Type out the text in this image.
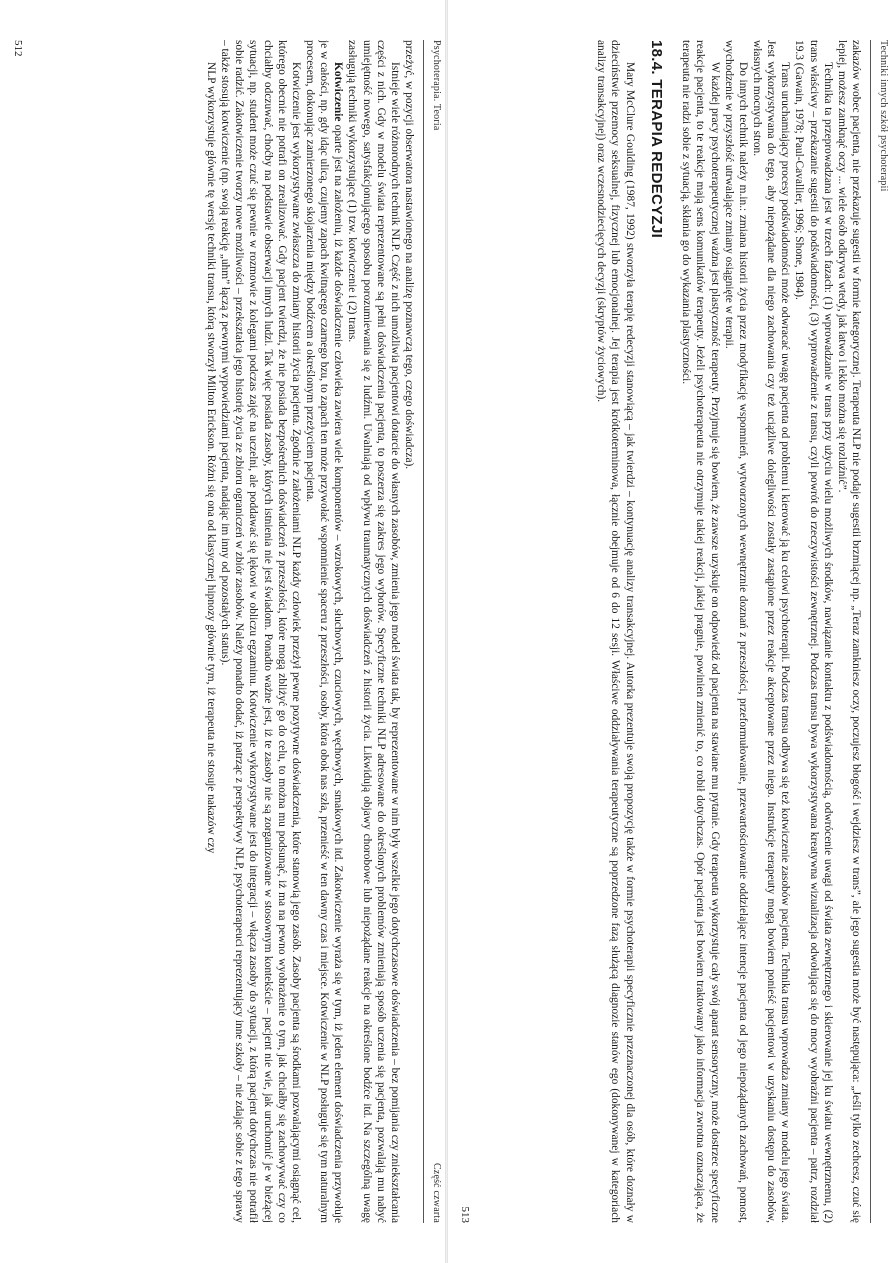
Psychoterapia. Teoria
Część czwarta

przeżyć, w pozycji obserwatora nastawionego na analizę poznawczą tego, czego doświadcza).

Istnieje wiele różnorodnych technik NLP. Część z nich umożliwia pacjentowi dotarcie do własnych zasobów, zmienia jego model świata tak, by reprezentowane w nim były wszelkie jego dotychczasowe doświadczenia – bez pomijania czy zniekształcania części z nich. Gdy w modelu świata reprezentowane są pełni doświadczenia pacjenta, to poszerza się zakres jego wyborów. Specyficzne techniki NLP adresowane do określonych problemów zmieniają sposób uczenia się pacjenta, pozwalają mu nabyć umiejętność nowego, satysfakcjonującego sposobu porozumiewania się z ludźmi. Uwalniają od wpływu traumatycznych doświadczeń z historii życia. Likwidują objawy chorobowe lub niepożądane reakcje na określone bodźce itd. Na szczególną uwagę zasługują techniki wykorzystujące (1) tzw. kotwiczenie i (2) trans.

Kotwiczenie oparte jest na założeniu, iż każde doświadczenie człowieka zawiera wiele komponentów – wzrokowych, słuchowych, czuciowych, węchowych, smakowych itd. Zakotwiczenie wyraża się w tym, iż jeden element doświadczenia przywołuje je w całości, np. gdy idąc ulicą, czujemy zapach kwitnącego czarnego bzu, to zapach ten może przywołać wspomnienie spaceru z przeszłości, osoby, która obok nas szła, przenieść w ten dawny czas i miejsce. Kotwiczenie w NLP posługuje się tym naturalnym procesem, dokonując zamierzonego skojarzenia między bodźcem a określonym przeżyciem pacjenta.

Kotwiczenie jest wykorzystywane zwłaszcza do zmiany historii życia pacjenta. Zgodnie z założeniami NLP każdy człowiek przeżył pewne pozytywne doświadczenia, które stanowią jego zasób. Zasoby pacjenta są środkami pozwalającymi osiągnąć cel, którego obecnie nie potrafi on zrealizować. Gdy pacjent twierdzi, że nie posiada bezpośrednich doświadczeń z przeszłości, które mogą zbliżyć go do celu, to można mu podsunąć, iż ma na pewno wyobrażenie o tym, jak chciałby się zachowywać czy co chciałby odczuwać, choćby na podstawie obserwacji innych ludzi. Tak więc posiada zasoby, których istnienia nie jest świadom. Ponadto ważne jest, iż te zasoby nie są zorganizowane w stosownym kontekście – pacjent nie wie, jak uruchomić je w bieżącej sytuacji, np. student może czuć się pewnie w rozmowie z kolegami podczas zajęć na uczelni, ale poddawać się lękowi w obliczu egzaminu. Kotwiczenie wykorzystywane jest do integracji – włącza zasoby do sytuacji, z którą pacjent dotychczas nie potrafił sobie radzić. Zakotwiczenie tworzy nowe możliwości – przekształca jego historię życia ze zbioru ograniczeń w zbiór zasobów. Należy ponadto dodać, iż patrząc z perspektywy NLP, psychoterapeuci reprezentujący inne szkoły – nie zdając sobie z tego sprawy – także stosują kotwiczenie (np. swoją reakcję „uhm” łączą z pewnymi wypowiedziami pacjenta, nadając im inny od pozostałych status).

NLP wykorzystuje głównie tę wersję techniki transu, którą stworzył Milton Erickson. Różni się ona od klasycznej hipnozy głównie tym, iż terapeuta nie stosuje nakazów czy

512	Techniki innych szkół psychoterapii

zakazów wobec pacjenta, nie przekazuje sugestii w formie kategorycznej. Terapeuta NLP nie podaje sugestii brzmiącej np. „Teraz zamkniesz oczy, poczujesz błogość i wejdziesz w trans”, ale jego sugestia może być następująca: „Jeśli tylko zechcesz, czuć się lepiej, możesz zamknąć oczy ... wiele osób odkrywa wtedy, jak łatwo i lekko można się rozluźnić”.

Technika ta przeprowadzana jest w trzech fazach: (1) wprowadzanie w trans przy użyciu wielu możliwych środków, nawiązanie kontaktu z podświadomością, odwrócenie uwagi od świata zewnętrznego i skierowanie jej ku światu wewnętrznemu, (2) trans właściwy – przekazanie sugestii do podświadomości, (3) wyprowadzenie z transu, czyli powrót do rzeczywistości zewnętrznej. Podczas transu bywa wykorzystywana kreatywna wizualizacja odwołująca się do mocy wyobraźni pacjenta – patrz, rozdział 19.3 (Gawain, 1978; Paul-Cavallier, 1996; Shone, 1984).

Trans uruchamiający procesy podświadomości może odwracać uwagę pacjenta od problemu i kierować ją ku celowi psychoterapii. Podczas transu odbywa się też kotwiczenie zasobów pacjenta. Technika transu wprowadza zmiany w modelu jego świata. Jest wykorzystywana do tego, aby niepożądane dla niego zachowania czy też uciążliwe dolegliwości zostały zastąpione przez reakcje akceptowane przez niego. Instrukcje terapeuty mogą bowiem ponieść pacjentowi w uzyskaniu dostępu do zasobów, własnych mocnych stron.

Do innych technik należy m.in.: zmiana historii życia przez modyfikację wspomnień, wytworzonych wewnętrznie doznań z przeszłości, przeformułowanie, przewartościowanie oddzielające intencje pacjenta od jego niepożądanych zachowań, pomost, wychodzenie w przyszłość utrwalające zmiany osiągnięte w terapii.

W każdej pracy psychoterapeutycznej ważna jest plastyczność terapeuty. Przyjmuje się bowiem, że zawsze uzyskuje on odpowiedź od pacjenta na stawiane mu pytanie. Gdy terapeuta wykorzystuje cały swój aparat sensoryczny, może dostrzec specyficzne reakcje pacjenta, to te reakcje mają sens komunikatów terapeuty. Jeżeli psychoterapeuta nie otrzymuje takiej reakcji, jakiej pragnie, powinien zmienić to, co robił dotychczas. Opór pacjenta jest bowiem traktowany jako informacja zwrotna oznaczająca, że terapeuta nie radzi sobie z sytuacją, skłania go do wykazania plastyczności.

18.4. TERAPIA REDECYZJI

Mary McClure Goulding (1987, 1992) stworzyła terapię redecyzji stanowiącą – jak twierdzi – kontynuację analizy transakcyjnej. Autorka prezentuje swoją propozycję także w formie psychoterapii specyficznie przeznaczonej dla osób, które doznały w dzieciństwie przemocy seksualnej, fizycznej lub emocjonalnej. Jej terapia jest krótkoterminowa, łącznie obejmuje od 6 do 12 sesji. Właściwe oddziaływania terapeutyczne są poprzedzone fazą służącą diagnozie stanów ego (dokonywanej w kategoriach analizy transakcyjnej) oraz wczesnodziecięcych decyzji (skryptów życiowych).

513
